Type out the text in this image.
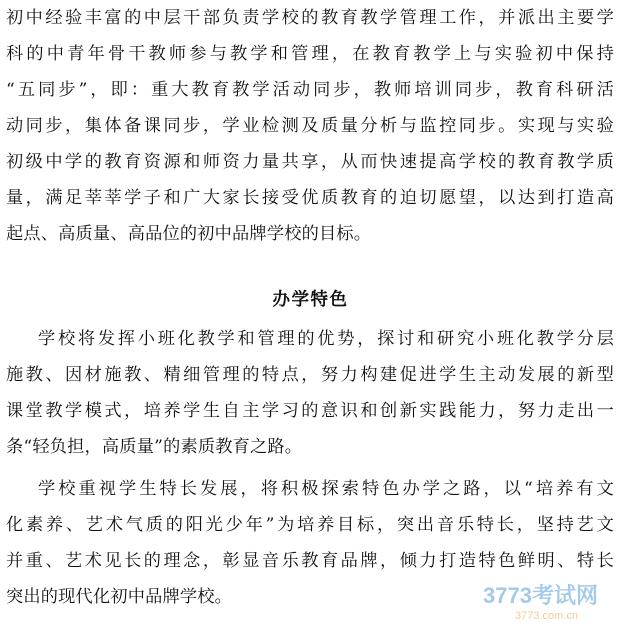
初中经验丰富的中层干部负责学校的教育教学管理工作，并派出主要学
科的中青年骨干教师参与教学和管理，在教育教学上与实验初中保持
“五同步”，即：重大教育教学活动同步，教师培训同步，教育科研活
动同步，集体备课同步，学业检测及质量分析与监控同步。实现与实验
初级中学的教育资源和师资力量共享，从而快速提高学校的教育教学质
量，满足莘莘学子和广大家长接受优质教育的迫切愿望，以达到打造高
起点、高质量、高品位的初中品牌学校的目标。
办学特色
学校将发挥小班化教学和管理的优势，探讨和研究小班化教学分层
施教、因材施教、精细管理的特点，努力构建促进学生主动发展的新型
课堂教学模式，培养学生自主学习的意识和创新实践能力，努力走出一
条“轻负担，高质量”的素质教育之路。
学校重视学生特长发展，将积极探索特色办学之路，以“培养有文
化素养、艺术气质的阳光少年”为培养目标，突出音乐特长，坚持艺文
并重、艺术见长的理念，彰显音乐教育品牌，倾力打造特色鲜明、特长
突出的现代化初中品牌学校。	3773考试网
3773.com.cn
